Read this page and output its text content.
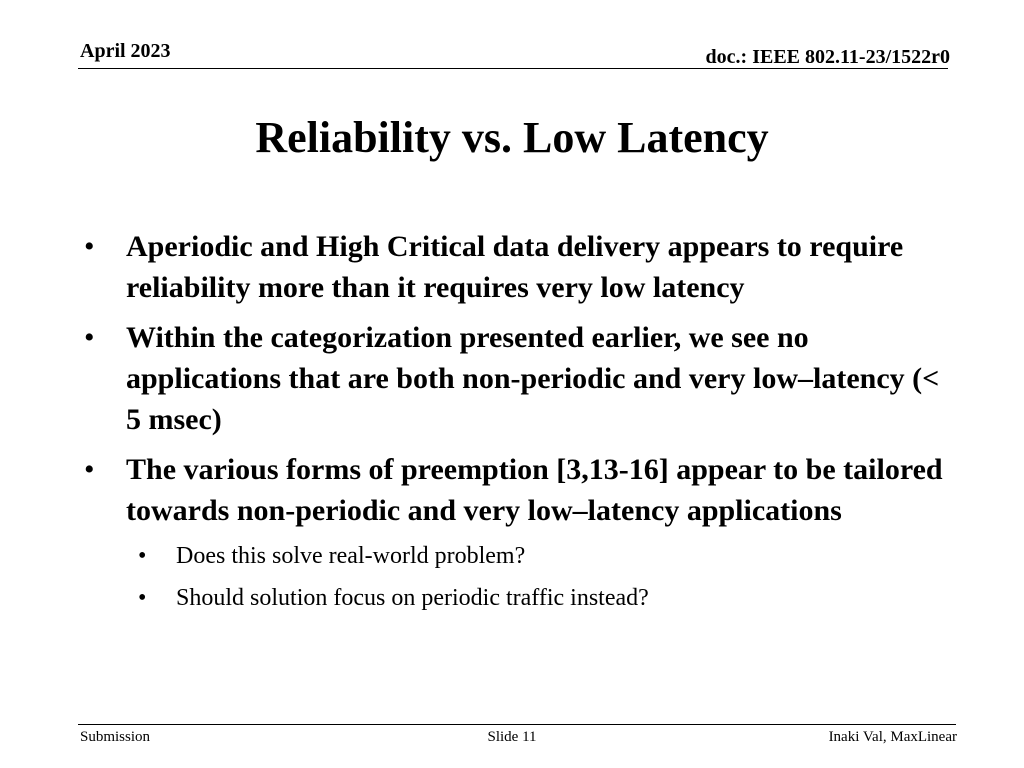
April 2023	doc.: IEEE 802.11-23/1522r0
Reliability vs. Low Latency
• Aperiodic and High Critical data delivery appears to require reliability more than it requires very low latency
• Within the categorization presented earlier, we see no applications that are both non-periodic and very low–latency (< 5 msec)
• The various forms of preemption [3,13-16] appear to be tailored towards non-periodic and very low–latency applications
• Does this solve real-world problem?
• Should solution focus on periodic traffic instead?
Submission	Slide 11	Inaki Val, MaxLinear
